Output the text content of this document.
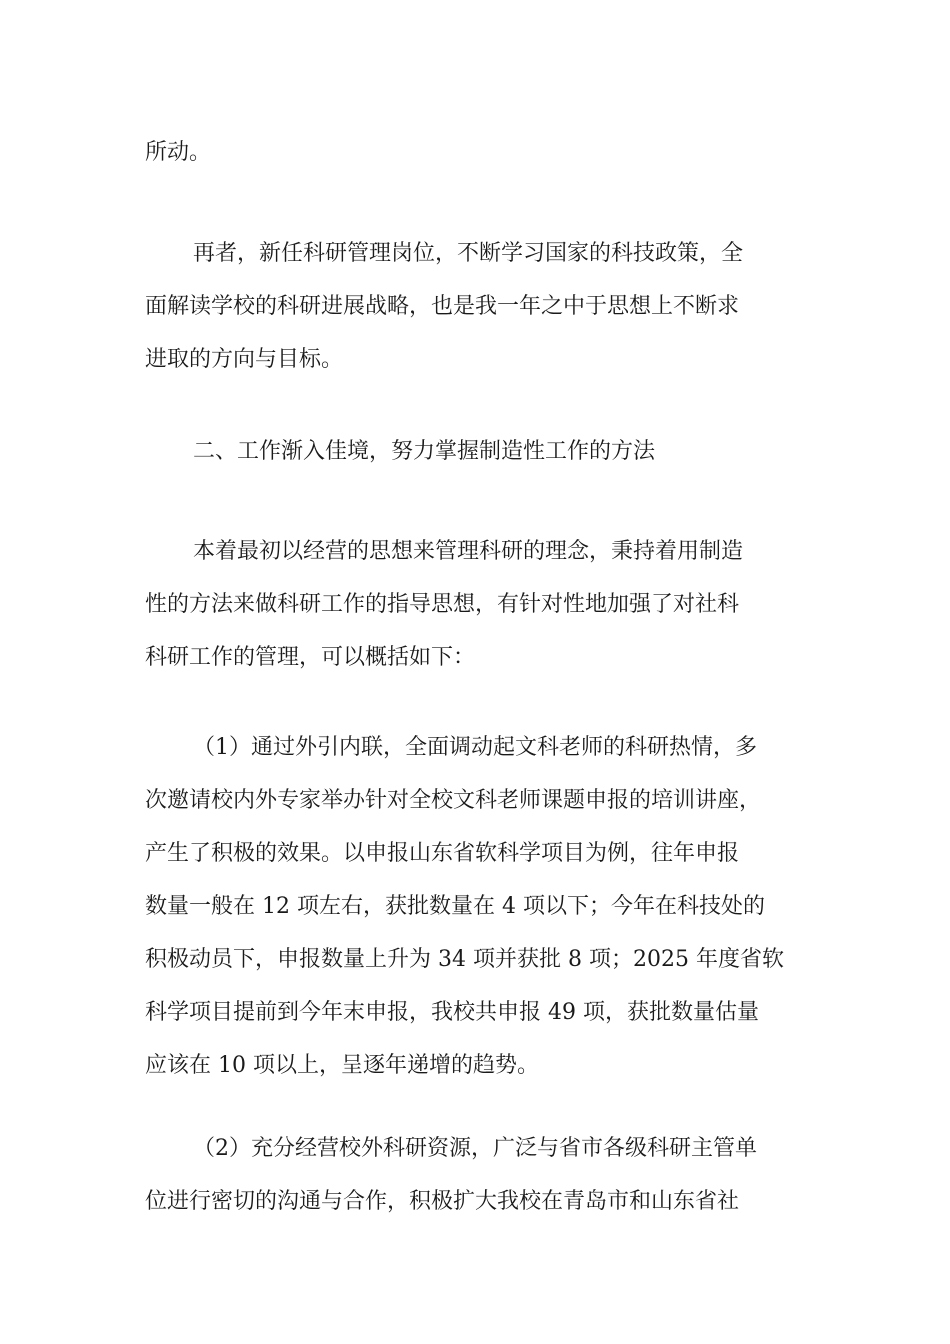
所动。

再者，新任科研管理岗位，不断学习国家的科技政策，全
面解读学校的科研进展战略，也是我一年之中于思想上不断求
进取的方向与目标。

二、工作渐入佳境，努力掌握制造性工作的方法

本着最初以经营的思想来管理科研的理念，秉持着用制造
性的方法来做科研工作的指导思想，有针对性地加强了对社科
科研工作的管理，可以概括如下：

（1）通过外引内联，全面调动起文科老师的科研热情，多
次邀请校内外专家举办针对全校文科老师课题申报的培训讲座，
产生了积极的效果。以申报山东省软科学项目为例，往年申报
数量一般在 12 项左右，获批数量在 4 项以下；今年在科技处的
积极动员下，申报数量上升为 34 项并获批 8 项；2025 年度省软
科学项目提前到今年末申报，我校共申报 49 项，获批数量估量
应该在 10 项以上，呈逐年递增的趋势。

（2）充分经营校外科研资源，广泛与省市各级科研主管单
位进行密切的沟通与合作，积极扩大我校在青岛市和山东省社
